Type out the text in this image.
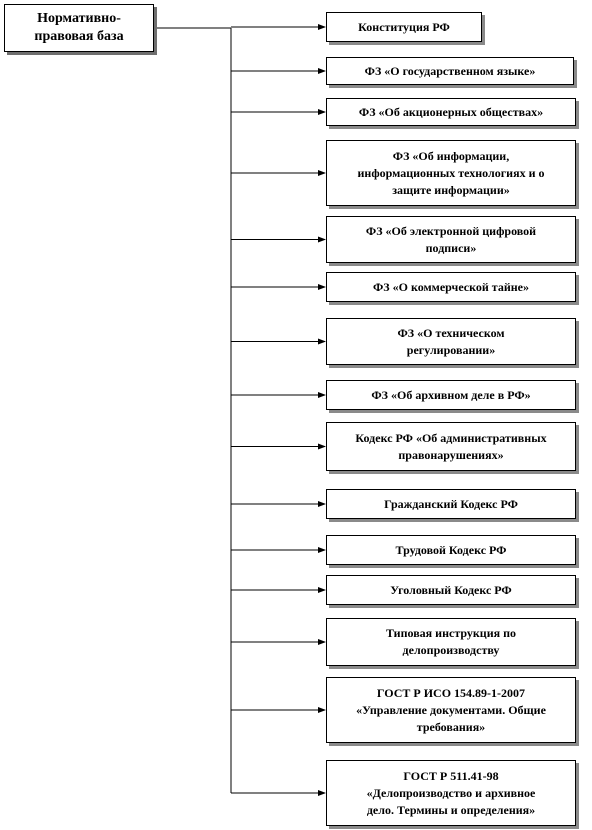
Нормативно-
правовая база
Конституция РФ
ФЗ «О государственном языке»
ФЗ «Об акционерных обществах»
ФЗ «Об информации,
информационных технологиях и о
защите информации»
ФЗ «Об электронной цифровой
подписи»
ФЗ «О коммерческой тайне»
ФЗ «О техническом
регулировании»
ФЗ «Об архивном деле в РФ»
Кодекс РФ «Об административных
правонарушениях»
Гражданский Кодекс РФ
Трудовой Кодекс РФ
Уголовный Кодекс РФ
Типовая инструкция по
делопроизводству
ГОСТ Р ИСО 154.89-1-2007
«Управление документами. Общие
требования»
ГОСТ Р 511.41-98
«Делопроизводство и архивное
дело. Термины и определения»
